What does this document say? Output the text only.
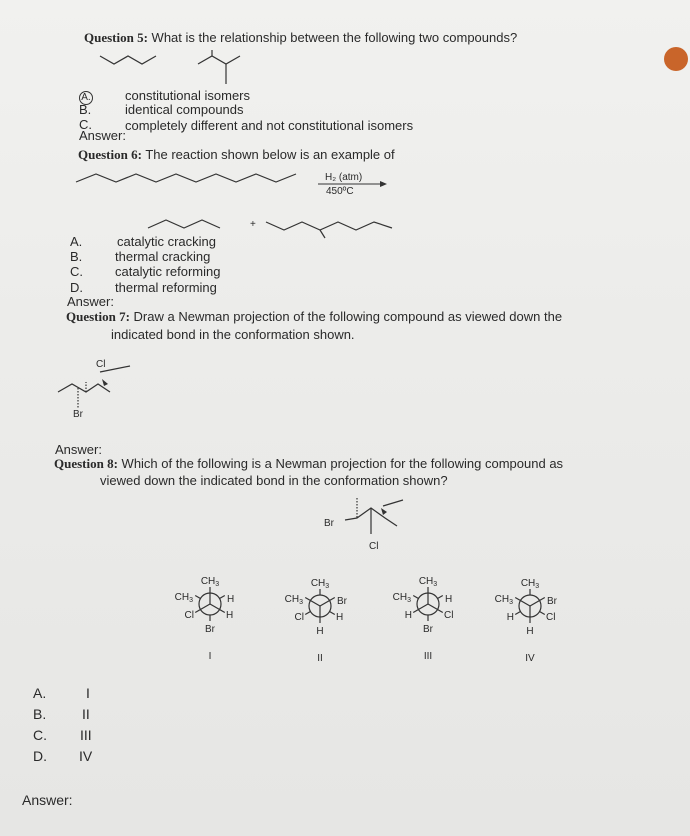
Question 5: What is the relationship between the following two compounds?
A.	constitutional isomers
B.	identical compounds
C.	completely different and not constitutional isomers
Answer:
Question 6: The reaction shown below is an example of
H₂ (atm)
450ºC
+
A.	catalytic cracking
B.	thermal cracking
C. catalytic reforming
D. thermal reforming
Answer:
Question 7: Draw a Newman projection of the following compound as viewed down the
indicated bond in the conformation shown.
Cl
Br
Answer:
Question 8: Which of the following is a Newman projection for the following compound as
viewed down the indicated bond in the conformation shown?
Br
Cl
$CH_3$
$CH_3$	H
Cl	H
Br
I
$CH_3$
$CH_3$	Br
Cl	H
H
II
$CH_3$
$CH_3$	H
H	Cl
Br
III
$CH_3$
$CH_3$	Br
H	Cl
H
IV
A.	I
B.	II
C. III
D. IV
Answer:
